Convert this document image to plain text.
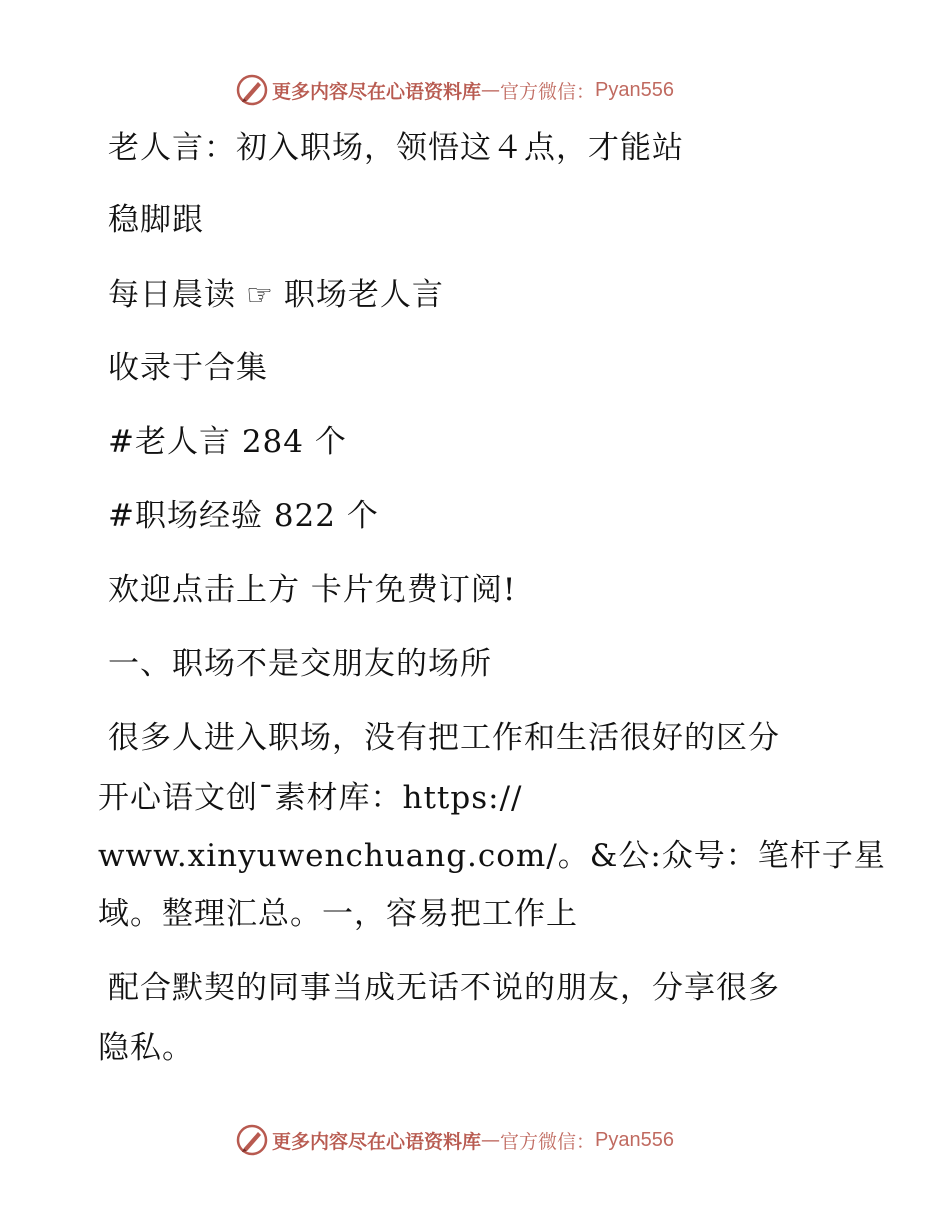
更多内容尽在心语资料库 — 官方微信： Pyan556
老人言：初入职场，领悟这４点，才能站
稳脚跟
每日晨读 ☞ 职场老人言
收录于合集
#老人言 284 个
#职场经验 822 个
欢迎点击上方 卡片免费订阅!
一、职场不是交朋友的场所
很多人进入职场，没有把工作和生活很好的区分
开心语文创¯素材库：https://
www.xinyuwenchuang.com/。&公:众号：笔杆子星
域。整理汇总。一，容易把工作上
配合默契的同事当成无话不说的朋友，分享很多
隐私。
更多内容尽在心语资料库 — 官方微信： Pyan556
